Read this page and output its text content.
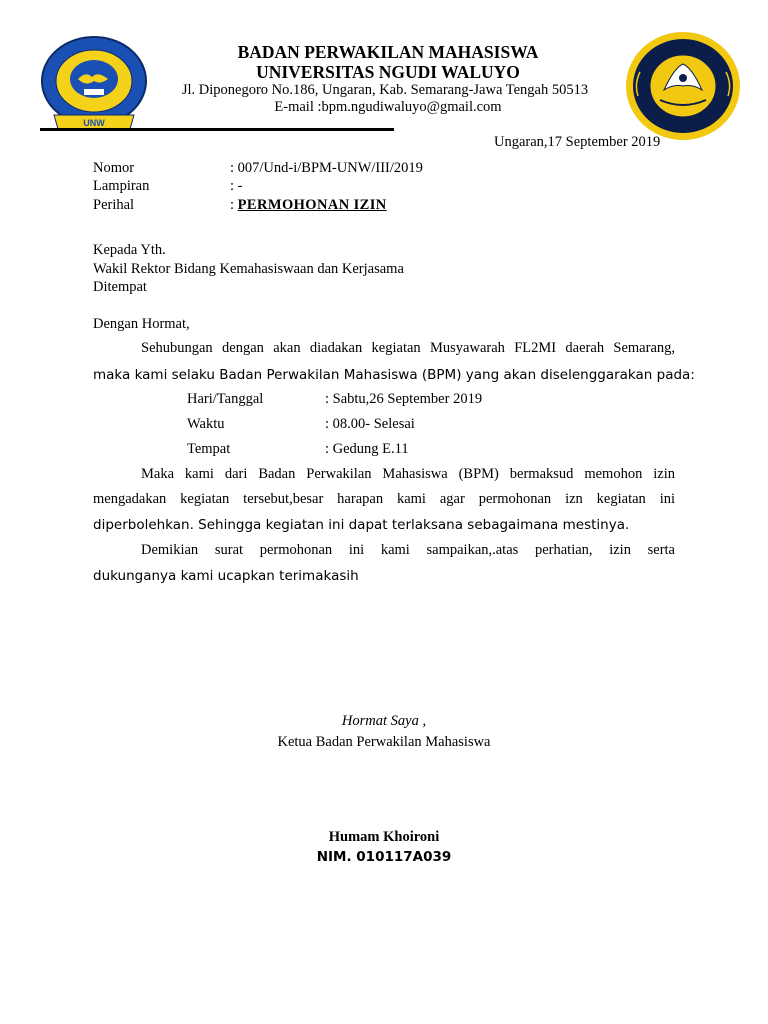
UNW
BADAN PERWAKILAN MAHASISWA
UNIVERSITAS NGUDI WALUYO
Jl. Diponegoro No.186, Ungaran, Kab. Semarang-Jawa Tengah 50513
E-mail :bpm.ngudiwaluyo@gmail.com
Ungaran,17 September 2019
Nomor	: 007/Und-i/BPM-UNW/III/2019
Lampiran	: -
Perihal	: PERMOHONAN IZIN
Kepada Yth.
Wakil Rektor Bidang Kemahasiswaan dan Kerjasama
Ditempat
Dengan Hormat,
Sehubungan dengan akan diadakan kegiatan Musyawarah FL2MI daerah Semarang,
maka kami selaku Badan Perwakilan Mahasiswa (BPM) yang akan diselenggarakan pada:
Hari/Tanggal	: Sabtu,26 September 2019
Waktu	: 08.00- Selesai
Tempat	: Gedung E.11
Maka kami dari Badan Perwakilan Mahasiswa (BPM) bermaksud memohon izin
mengadakan kegiatan tersebut,besar harapan kami agar permohonan izn kegiatan ini
diperbolehkan. Sehingga kegiatan ini dapat terlaksana sebagaimana mestinya.
Demikian surat permohonan ini kami sampaikan,.atas perhatian, izin serta
dukunganya kami ucapkan terimakasih
Hormat Saya ,
Ketua Badan Perwakilan Mahasiswa
Humam Khoironi
NIM. 010117A039
